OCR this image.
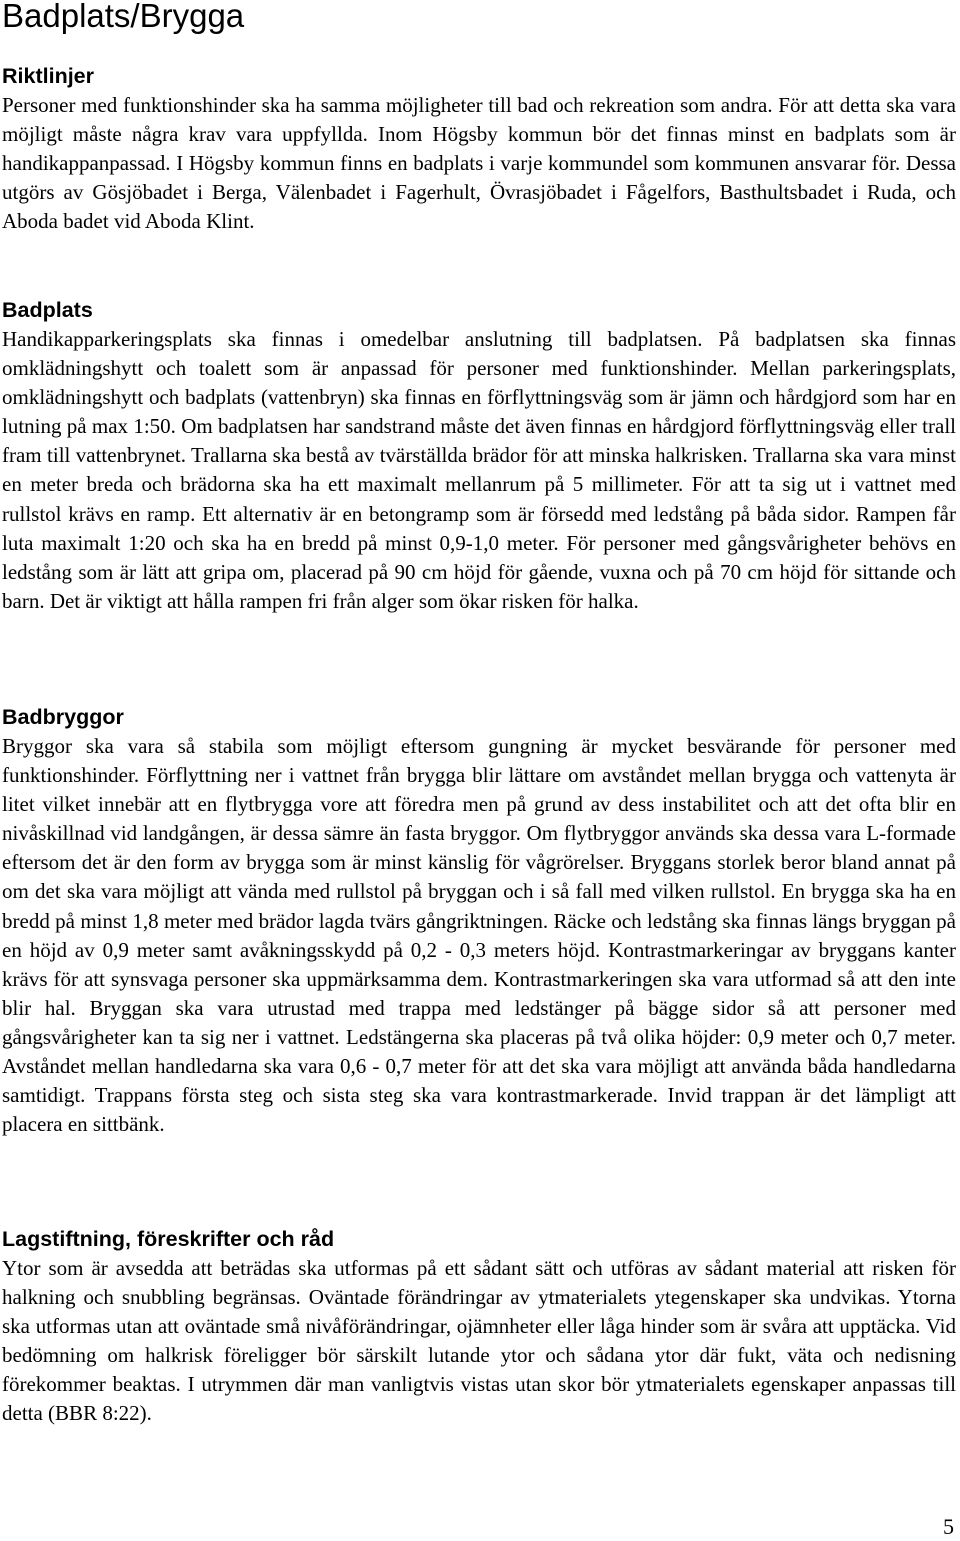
Badplats/Brygga
Riktlinjer

Personer med funktionshinder ska ha samma möjligheter till bad och rekreation som andra. För att detta ska vara möjligt måste några krav vara uppfyllda. Inom Högsby kommun bör det finnas minst en badplats som är handikappanpassad. I Högsby kommun finns en badplats i varje kommundel som kommunen ansvarar för. Dessa utgörs av Gösjöbadet i Berga, Välenbadet i Fagerhult, Övrasjöbadet i Fågelfors, Basthultsbadet i Ruda, och Aboda badet vid Aboda Klint.

Badplats

Handikapparkeringsplats ska finnas i omedelbar anslutning till badplatsen. På badplatsen ska finnas omklädningshytt och toalett som är anpassad för personer med funktionshinder. Mellan parkeringsplats, omklädningshytt och badplats (vattenbryn) ska finnas en förflyttningsväg som är jämn och hårdgjord som har en lutning på max 1:50. Om badplatsen har sandstrand måste det även finnas en hårdgjord förflyttningsväg eller trall fram till vattenbrynet. Trallarna ska bestå av tvärställda brädor för att minska halkrisken. Trallarna ska vara minst en meter breda och brädorna ska ha ett maximalt mellanrum på 5 millimeter. För att ta sig ut i vattnet med rullstol krävs en ramp. Ett alternativ är en betongramp som är försedd med ledstång på båda sidor. Rampen får luta maximalt 1:20 och ska ha en bredd på minst 0,9-1,0 meter. För personer med gångsvårigheter behövs en ledstång som är lätt att gripa om, placerad på 90 cm höjd för gående, vuxna och på 70 cm höjd för sittande och barn. Det är viktigt att hålla rampen fri från alger som ökar risken för halka.

Badbryggor

Bryggor ska vara så stabila som möjligt eftersom gungning är mycket besvärande för personer med funktionshinder. Förflyttning ner i vattnet från brygga blir lättare om avståndet mellan brygga och vattenyta är litet vilket innebär att en flytbrygga vore att föredra men på grund av dess instabilitet och att det ofta blir en nivåskillnad vid landgången, är dessa sämre än fasta bryggor. Om flytbryggor används ska dessa vara L-formade eftersom det är den form av brygga som är minst känslig för vågrörelser. Bryggans storlek beror bland annat på om det ska vara möjligt att vända med rullstol på bryggan och i så fall med vilken rullstol. En brygga ska ha en bredd på minst 1,8 meter med brädor lagda tvärs gångriktningen. Räcke och ledstång ska finnas längs bryggan på en höjd av 0,9 meter samt avåkningsskydd på 0,2 - 0,3 meters höjd. Kontrastmarkeringar av bryggans kanter krävs för att synsvaga personer ska uppmärksamma dem. Kontrastmarkeringen ska vara utformad så att den inte blir hal. Bryggan ska vara utrustad med trappa med ledstänger på bägge sidor så att personer med gångsvårigheter kan ta sig ner i vattnet. Ledstängerna ska placeras på två olika höjder: 0,9 meter och 0,7 meter. Avståndet mellan handledarna ska vara 0,6 - 0,7 meter för att det ska vara möjligt att använda båda handledarna samtidigt. Trappans första steg och sista steg ska vara kontrastmarkerade. Invid trappan är det lämpligt att placera en sittbänk.

Lagstiftning, föreskrifter och råd

Ytor som är avsedda att beträdas ska utformas på ett sådant sätt och utföras av sådant material att risken för halkning och snubbling begränsas. Oväntade förändringar av ytmaterialets ytegenskaper ska undvikas. Ytorna ska utformas utan att oväntade små nivåförändringar, ojämnheter eller låga hinder som är svåra att upptäcka. Vid bedömning om halkrisk föreligger bör särskilt lutande ytor och sådana ytor där fukt, väta och nedisning förekommer beaktas. I utrymmen där man vanligtvis vistas utan skor bör ytmaterialets egenskaper anpassas till detta (BBR 8:22).

5
